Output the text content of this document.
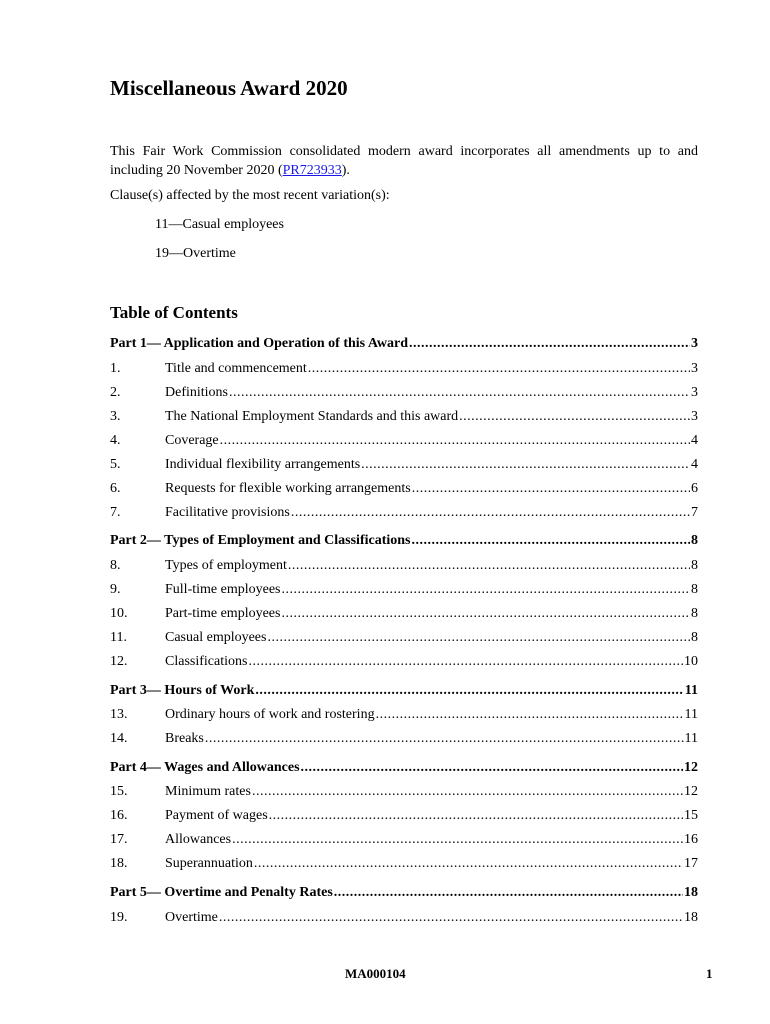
Miscellaneous Award 2020

This Fair Work Commission consolidated modern award incorporates all amendments up to and including 20 November 2020 (PR723933).

Clause(s) affected by the most recent variation(s):

11—Casual employees

19—Overtime

Table of Contents
Part 1— Application and Operation of this Award .....	3
1.	Title and commencement .....	3
2.	Definitions .....	3
3.	The National Employment Standards and this award .....	3
4.	Coverage .....	4
5.	Individual flexibility arrangements .....	4
6.	Requests for flexible working arrangements .....	6
7.	Facilitative provisions .....	7
Part 2— Types of Employment and Classifications .....	8
8.	Types of employment .....	8
9.	Full-time employees .....	8
10.	Part-time employees .....	8
11.	Casual employees .....	8
12.	Classifications .....	10
Part 3— Hours of Work .....	11
13.	Ordinary hours of work and rostering .....	11
14.	Breaks .....	11
Part 4— Wages and Allowances .....	12
15.	Minimum rates .....	12
16.	Payment of wages .....	15
17.	Allowances .....	16
18.	Superannuation .....	17
Part 5— Overtime and Penalty Rates .....	18
19.	Overtime .....	18
MA000104	1
